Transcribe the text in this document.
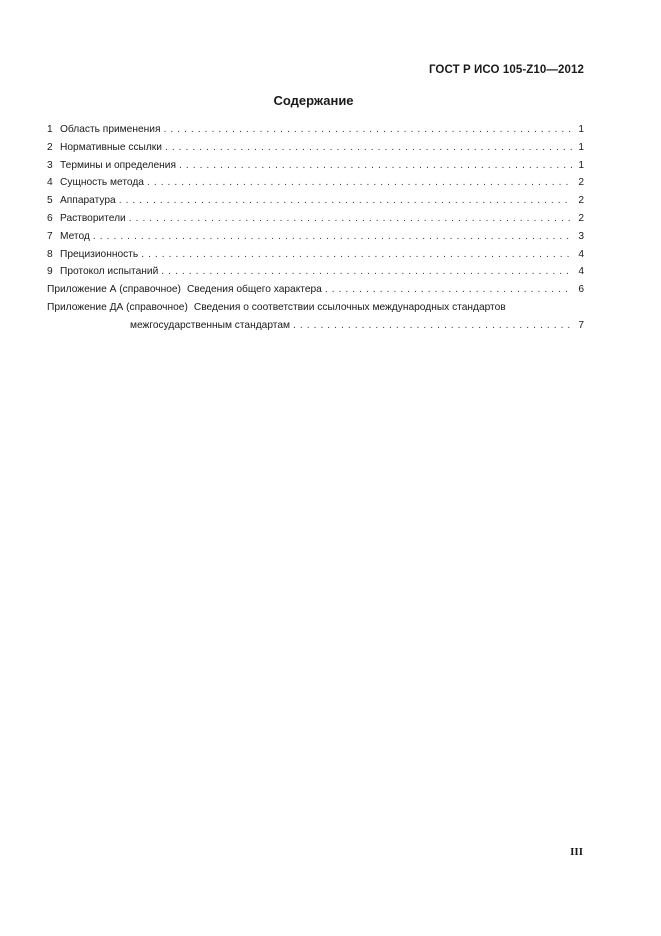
ГОСТ Р ИСО 105-Z10—2012
Содержание
1 Область применения . . .	1
2 Нормативные ссылки . . .	1
3 Термины и определения . . .	1
4 Сущность метода . . .	2
5 Аппаратура . . .	2
6 Растворители . . .	2
7 Метод . . .	3
8 Прецизионность . . .	4
9 Протокол испытаний . . .	4
Приложение А (справочное) Сведения общего характера . . .	6
Приложение ДА (справочное) Сведения о соответствии ссылочных международных стандартов
межгосударственным стандартам . . .	7
III
